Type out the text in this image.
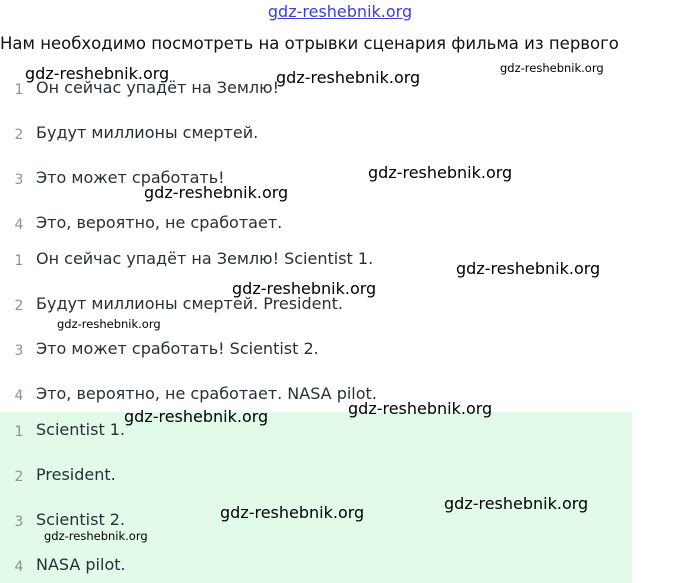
gdz-reshebnik.org
Нам необходимо посмотреть на отрывки сценария фильма из первого
1 Он сейчас упадёт на Землю!
2 Будут миллионы смертей.
3 Это может сработать!
4 Это, вероятно, не сработает.
1 Он сейчас упадёт на Землю! Scientist 1.
2 Будут миллионы смертей. President.
3 Это может сработать! Scientist 2.
4 Это, вероятно, не сработает. NASA pilot.
1 Scientist 1.
2 President.
3 Scientist 2.
4 NASA pilot.
gdz-reshebnik.org	gdz-reshebnik.org	gdz-reshebnik.org
gdz-reshebnik.org
gdz-reshebnik.org
gdz-reshebnik.org
gdz-reshebnik.org
gdz-reshebnik.org
gdz-reshebnik.org
gdz-reshebnik.org
gdz-reshebnik.org
gdz-reshebnik.org
gdz-reshebnik.org
